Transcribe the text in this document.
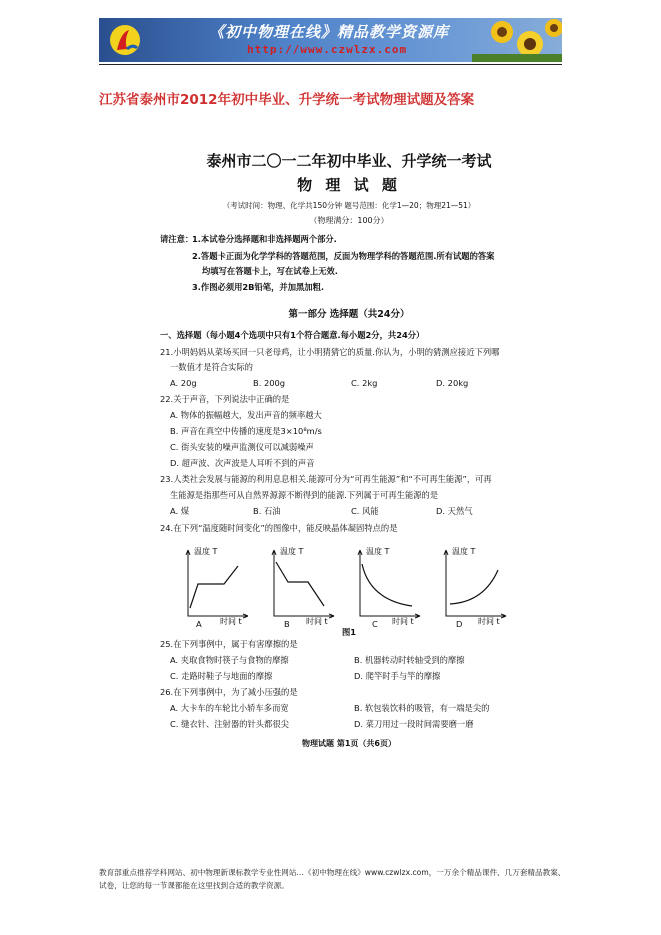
《初中物理在线》精品教学资源库
http://www.czwlzx.com
江苏省泰州市2012年初中毕业、升学统一考试物理试题及答案
泰州市二〇一二年初中毕业、升学统一考试
物 理 试 题
（考试时间：物理、化学共150分钟 题号范围：化学1—20；物理21—51）
（物理满分：100分）
请注意：
1.本试卷分选择题和非选择题两个部分.
2.答题卡正面为化学学科的答题范围，反面为物理学科的答题范围.所有试题的答案
均填写在答题卡上，写在试卷上无效.
3.作图必须用2B铅笔，并加黑加粗.
第一部分 选择题（共24分）
一、选择题（每小题4个选项中只有1个符合题意.每小题2分，共24分）
21.小明妈妈从菜场买回一只老母鸡，让小明猜猜它的质量.你认为，小明的猜测应接近下列哪
一数值才是符合实际的
A. 20g	B. 200g	C. 2kg	D. 20kg
22.关于声音，下列说法中正确的是
A. 物体的振幅越大，发出声音的频率越大
B. 声音在真空中传播的速度是3×10⁸m/s
C. 街头安装的噪声监测仪可以减弱噪声
D. 超声波、次声波是人耳听不到的声音
23.人类社会发展与能源的利用息息相关.能源可分为“可再生能源”和“不可再生能源”，可再
生能源是指那些可从自然界源源不断得到的能源.下列属于可再生能源的是
A. 煤	B. 石油	C. 风能	D. 天然气
24.在下列“温度随时间变化”的图像中，能反映晶体凝固特点的是
温度 T
时间 t
温度 T
时间 t
温度 T
时间 t
温度 T
时间 t
A	B	C	D
图1
25.在下列事例中，属于有害摩擦的是
A. 夹取食物时筷子与食物的摩擦	B. 机器转动时转轴受到的摩擦
C. 走路时鞋子与地面的摩擦	D. 爬竿时手与竿的摩擦
26.在下列事例中，为了减小压强的是
A. 大卡车的车轮比小轿车多而宽	B. 软包装饮料的吸管，有一端是尖的
C. 缝衣针、注射器的针头都很尖	D. 菜刀用过一段时间需要磨一磨
物理试题 第1页（共6页）
教育部重点推荐学科网站、初中物理新课标教学专业性网站…《初中物理在线》www.czwlzx.com，一万余个精品课件、几万套精品教案、试卷，让您的每一节课都能在这里找到合适的教学资源。
